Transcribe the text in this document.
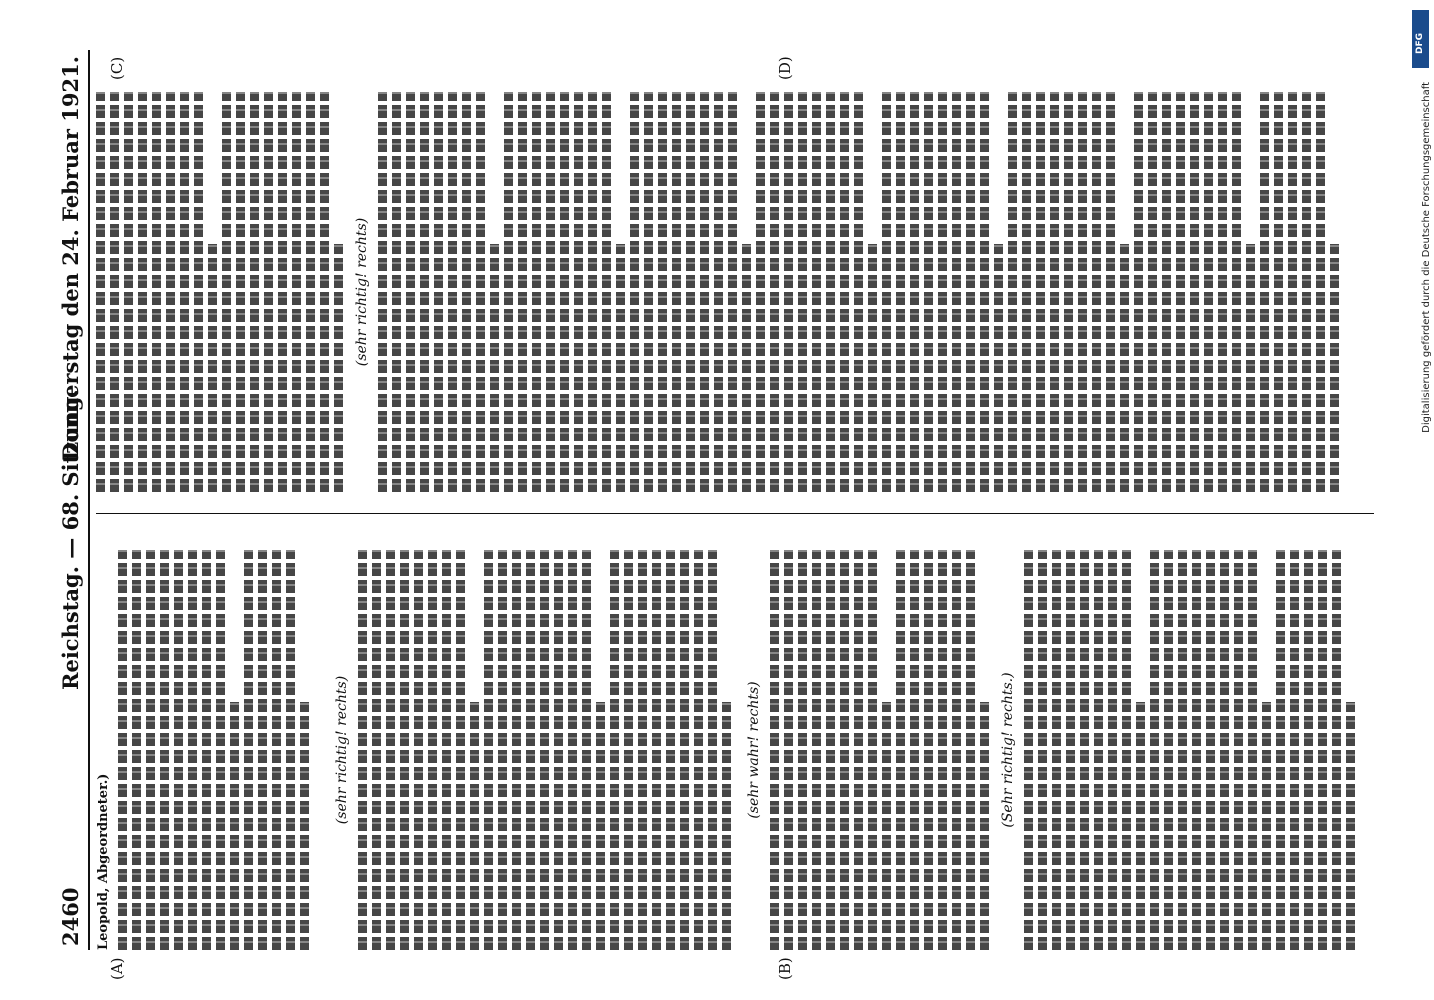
2460
Reichstag. — 68. Sitzung.
Donnerstag den 24. Februar 1921.
(A)	(B)
Leopold, Abgeordneter.)
(sehr richtig! rechts)	(sehr wahr! rechts)	(Sehr richtig! rechts.)
(C)	(D)
(sehr richtig! rechts)
DFG
Digitalisierung gefördert durch die Deutsche Forschungsgemeinschaft
